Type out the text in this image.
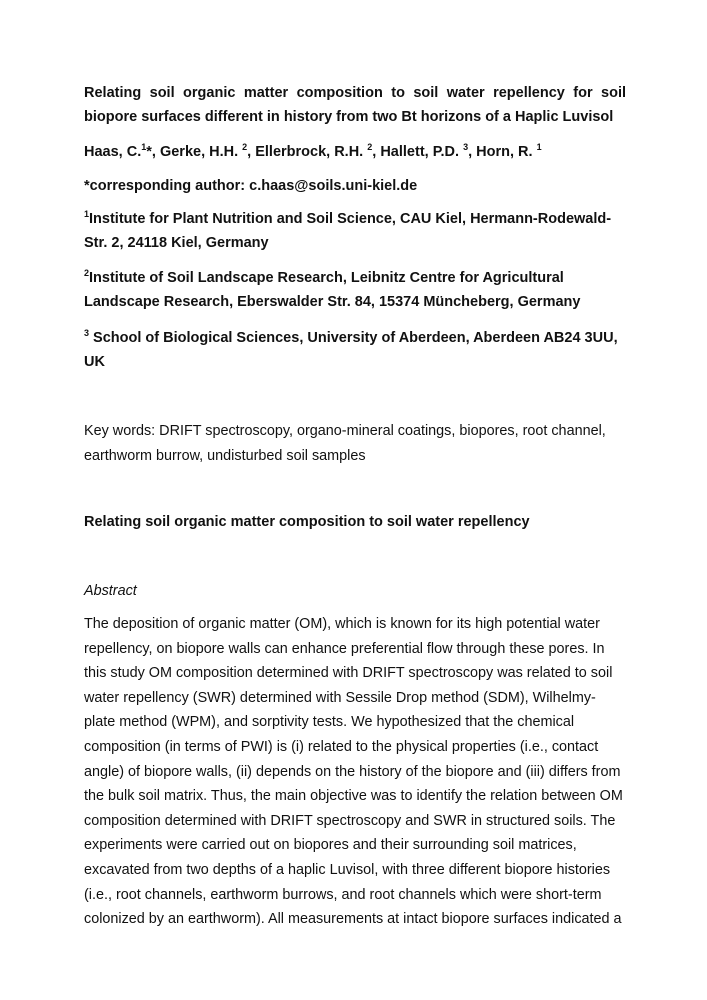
Relating soil organic matter composition to soil water repellency for soil biopore surfaces different in history from two Bt horizons of a Haplic Luvisol

Haas, C.$^1$*, Gerke, H.H. $^2$, Ellerbrock, R.H. $^2$, Hallett, P.D. $^3$, Horn, R. $^1$

*corresponding author: c.haas@soils.uni-kiel.de

$^1$Institute for Plant Nutrition and Soil Science, CAU Kiel, Hermann-Rodewald-Str. 2, 24118 Kiel, Germany

$^2$Institute of Soil Landscape Research, Leibnitz Centre for Agricultural Landscape Research, Eberswalder Str. 84, 15374 Müncheberg, Germany

$^3$ School of Biological Sciences, University of Aberdeen, Aberdeen AB24 3UU, UK

Key words: DRIFT spectroscopy, organo-mineral coatings, biopores, root channel, earthworm burrow, undisturbed soil samples

Relating soil organic matter composition to soil water repellency

Abstract

The deposition of organic matter (OM), which is known for its high potential water repellency, on biopore walls can enhance preferential flow through these pores. In this study OM composition determined with DRIFT spectroscopy was related to soil water repellency (SWR) determined with Sessile Drop method (SDM), Wilhelmy-plate method (WPM), and sorptivity tests. We hypothesized that the chemical composition (in terms of PWI) is (i) related to the physical properties (i.e., contact angle) of biopore walls, (ii) depends on the history of the biopore and (iii) differs from the bulk soil matrix. Thus, the main objective was to identify the relation between OM composition determined with DRIFT spectroscopy and SWR in structured soils. The experiments were carried out on biopores and their surrounding soil matrices, excavated from two depths of a haplic Luvisol, with three different biopore histories (i.e., root channels, earthworm burrows, and root channels which were short-term colonized by an earthworm). All measurements at intact biopore surfaces indicated a
